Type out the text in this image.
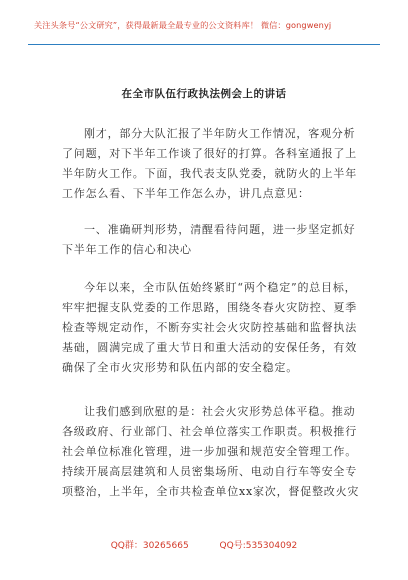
关注头条号“公文研究”，获得最新最全最专业的公文资料库！ 微信：gongwenyj
在全市队伍行政执法例会上的讲话
刚才，部分大队汇报了半年防火工作情况，客观分析
了问题，对下半年工作谈了很好的打算。各科室通报了上
半年防火工作。下面，我代表支队党委，就防火的上半年
工作怎么看、下半年工作怎么办，讲几点意见：
一、准确研判形势，清醒看待问题，进一步坚定抓好
下半年工作的信心和决心
今年以来，全市队伍始终紧盯“两个稳定”的总目标，
牢牢把握支队党委的工作思路，围绕冬春火灾防控、夏季
检查等规定动作，不断夯实社会火灾防控基础和监督执法
基础，圆满完成了重大节日和重大活动的安保任务，有效
确保了全市火灾形势和队伍内部的安全稳定。
让我们感到欣慰的是：社会火灾形势总体平稳。推动
各级政府、行业部门、社会单位落实工作职责。积极推行
社会单位标准化管理，进一步加强和规范安全管理工作。
持续开展高层建筑和人员密集场所、电动自行车等安全专
项整治，上半年，全市共检查单位xx家次，督促整改火灾
QQ群：30265665	QQ号:535304092
